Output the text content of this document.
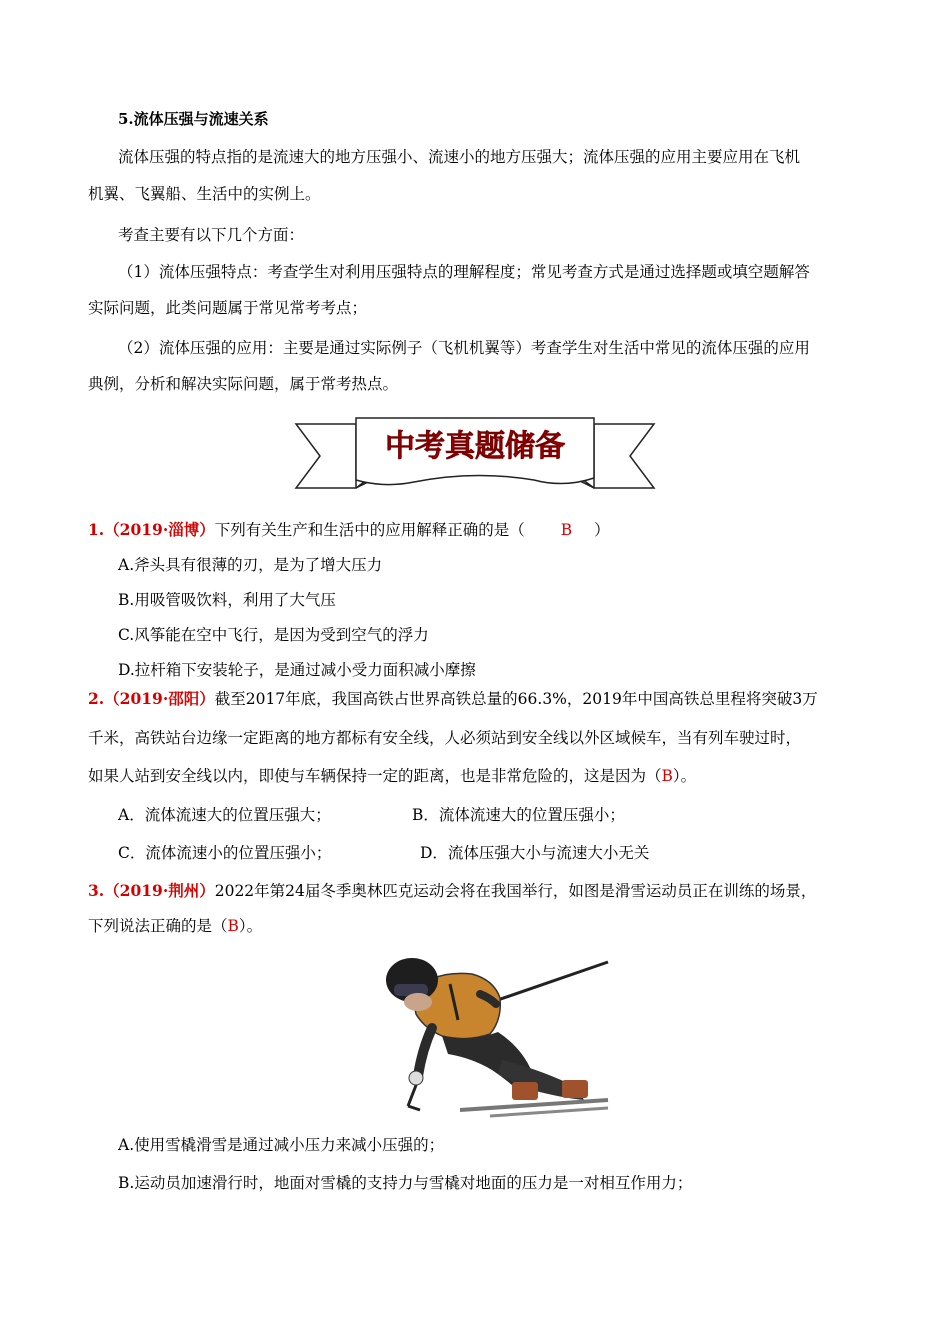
5.流体压强与流速关系
流体压强的特点指的是流速大的地方压强小、流速小的地方压强大；流体压强的应用主要应用在飞机
机翼、飞翼船、生活中的实例上。
考查主要有以下几个方面：
（1）流体压强特点：考查学生对利用压强特点的理解程度；常见考查方式是通过选择题或填空题解答
实际问题，此类问题属于常见常考考点；
（2）流体压强的应用：主要是通过实际例子（飞机机翼等）考查学生对生活中常见的流体压强的应用
典例，分析和解决实际问题，属于常考热点。
中考真题储备
1.（2019·淄博）下列有关生产和生活中的应用解释正确的是（ B ）
A.斧头具有很薄的刃，是为了增大压力
B.用吸管吸饮料，利用了大气压
C.风筝能在空中飞行，是因为受到空气的浮力
D.拉杆箱下安装轮子，是通过减小受力面积减小摩擦
2.（2019·邵阳）截至2017年底，我国高铁占世界高铁总量的66.3%，2019年中国高铁总里程将突破3万
千米，高铁站台边缘一定距离的地方都标有安全线，人必须站到安全线以外区域候车，当有列车驶过时，
如果人站到安全线以内，即使与车辆保持一定的距离，也是非常危险的，这是因为（B）。
A．流体流速大的位置压强大；	B．流体流速大的位置压强小；
C．流体流速小的位置压强小；	D．流体压强大小与流速大小无关
3.（2019·荆州）2022年第24届冬季奥林匹克运动会将在我国举行，如图是滑雪运动员正在训练的场景，
下列说法正确的是（B）。
A.使用雪橇滑雪是通过减小压力来减小压强的；
B.运动员加速滑行时，地面对雪橇的支持力与雪橇对地面的压力是一对相互作用力；
